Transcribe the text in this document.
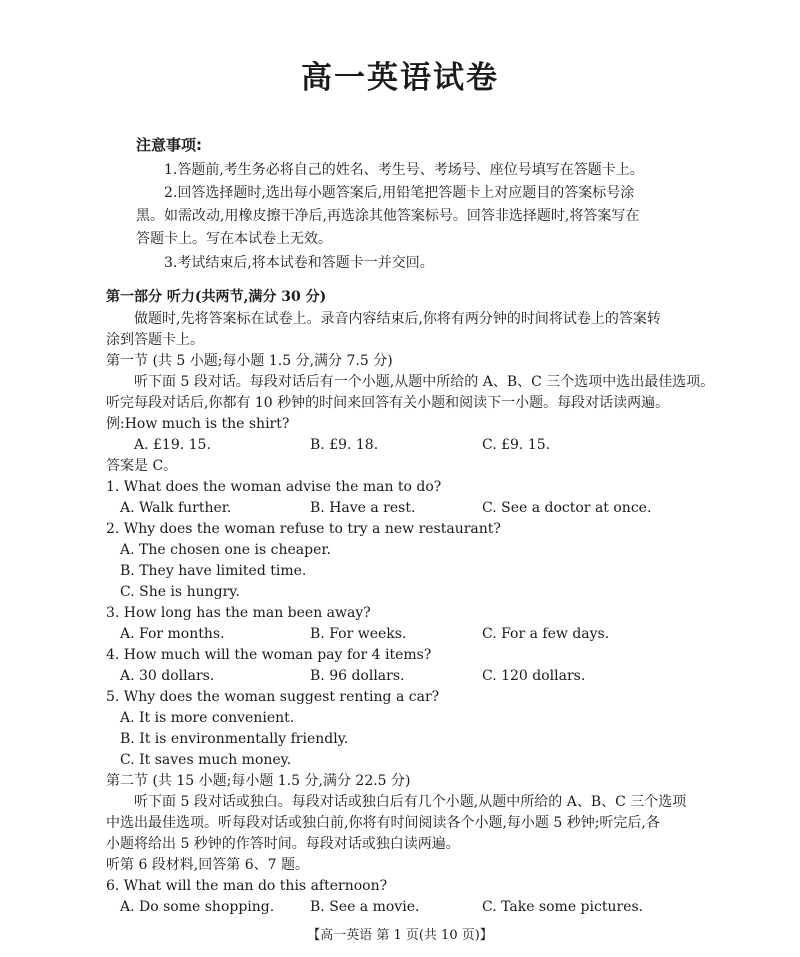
高一英语试卷
注意事项:
1.答题前,考生务必将自己的姓名、考生号、考场号、座位号填写在答题卡上。
2.回答选择题时,选出每小题答案后,用铅笔把答题卡上对应题目的答案标号涂
黑。如需改动,用橡皮擦干净后,再选涂其他答案标号。回答非选择题时,将答案写在
答题卡上。写在本试卷上无效。
3.考试结束后,将本试卷和答题卡一并交回。
第一部分 听力(共两节,满分 30 分)
做题时,先将答案标在试卷上。录音内容结束后,你将有两分钟的时间将试卷上的答案转
涂到答题卡上。
第一节 (共 5 小题;每小题 1.5 分,满分 7.5 分)
听下面 5 段对话。每段对话后有一个小题,从题中所给的 A、B、C 三个选项中选出最佳选项。
听完每段对话后,你都有 10 秒钟的时间来回答有关小题和阅读下一小题。每段对话读两遍。
例:How much is the shirt?
A. £19. 15.	B. £9. 18.	C. £9. 15.
答案是 C。
1. What does the woman advise the man to do?
A. Walk further.	B. Have a rest.	C. See a doctor at once.
2. Why does the woman refuse to try a new restaurant?
A. The chosen one is cheaper.
B. They have limited time.
C. She is hungry.
3. How long has the man been away?
A. For months.	B. For weeks.	C. For a few days.
4. How much will the woman pay for 4 items?
A. 30 dollars.	B. 96 dollars.	C. 120 dollars.
5. Why does the woman suggest renting a car?
A. It is more convenient.
B. It is environmentally friendly.
C. It saves much money.
第二节 (共 15 小题;每小题 1.5 分,满分 22.5 分)
听下面 5 段对话或独白。每段对话或独白后有几个小题,从题中所给的 A、B、C 三个选项
中选出最佳选项。听每段对话或独白前,你将有时间阅读各个小题,每小题 5 秒钟;听完后,各
小题将给出 5 秒钟的作答时间。每段对话或独白读两遍。
听第 6 段材料,回答第 6、7 题。
6. What will the man do this afternoon?
A. Do some shopping.	B. See a movie.	C. Take some pictures.
【高一英语 第 1 页(共 10 页)】
